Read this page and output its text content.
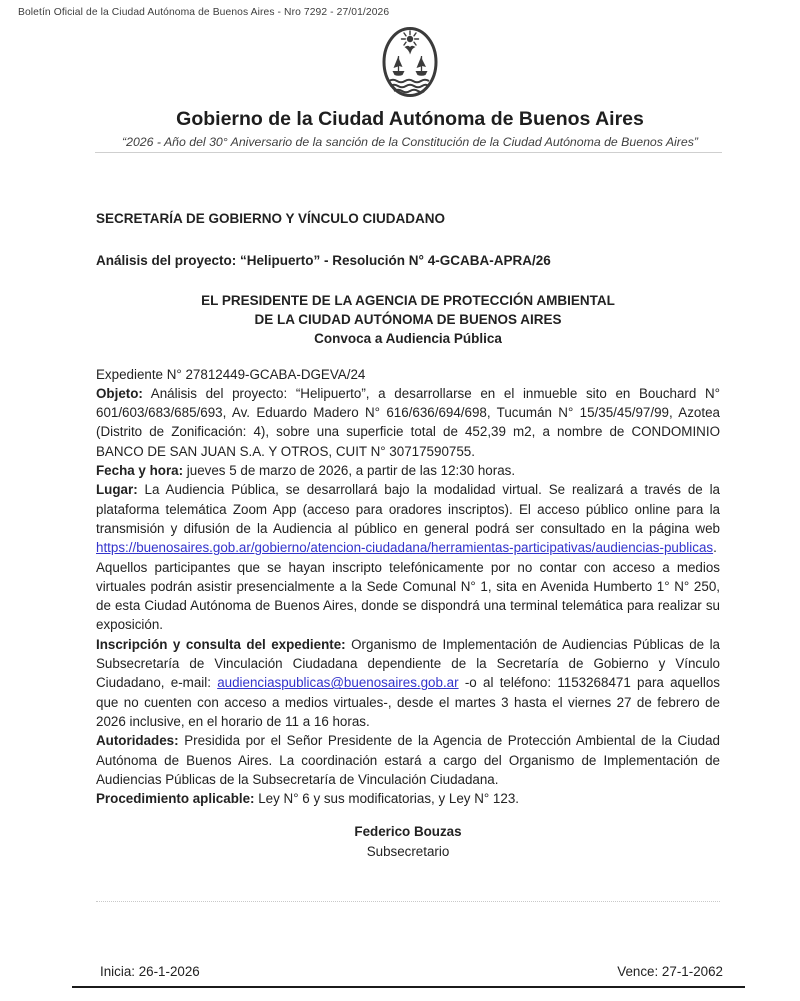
Boletín Oficial de la Ciudad Autónoma de Buenos Aires - Nro 7292 - 27/01/2026
Gobierno de la Ciudad Autónoma de Buenos Aires
“2026 - Año del 30° Aniversario de la sanción de la Constitución de la Ciudad Autónoma de Buenos Aires”
SECRETARÍA DE GOBIERNO Y VÍNCULO CIUDADANO
Análisis del proyecto: “Helipuerto” - Resolución N° 4-GCABA-APRA/26
EL PRESIDENTE DE LA AGENCIA DE PROTECCIÓN AMBIENTAL
DE LA CIUDAD AUTÓNOMA DE BUENOS AIRES
Convoca a Audiencia Pública

Expediente N° 27812449-GCABA-DGEVA/24

Objeto: Análisis del proyecto: “Helipuerto”, a desarrollarse en el inmueble sito en Bouchard N° 601/603/683/685/693, Av. Eduardo Madero N° 616/636/694/698, Tucumán N° 15/35/45/97/99, Azotea (Distrito de Zonificación: 4), sobre una superficie total de 452,39 m2, a nombre de CONDOMINIO BANCO DE SAN JUAN S.A. Y OTROS, CUIT N° 30717590755.

Fecha y hora: jueves 5 de marzo de 2026, a partir de las 12:30 horas.

Lugar: La Audiencia Pública, se desarrollará bajo la modalidad virtual. Se realizará a través de la plataforma telemática Zoom App (acceso para oradores inscriptos). El acceso público online para la transmisión y difusión de la Audiencia al público en general podrá ser consultado en la página web

https://buenosaires.gob.ar/gobierno/atencion-ciudadana/herramientas-participativas/audiencias-publicas.

Aquellos participantes que se hayan inscripto telefónicamente por no contar con acceso a medios virtuales podrán asistir presencialmente a la Sede Comunal N° 1, sita en Avenida Humberto 1° N° 250, de esta Ciudad Autónoma de Buenos Aires, donde se dispondrá una terminal telemática para realizar su exposición.

Inscripción y consulta del expediente: Organismo de Implementación de Audiencias Públicas de la Subsecretaría de Vinculación Ciudadana dependiente de la Secretaría de Gobierno y Vínculo Ciudadano, e-mail: audienciaspublicas@buenosaires.gob.ar -o al teléfono: 1153268471 para aquellos que no cuenten con acceso a medios virtuales-, desde el martes 3 hasta el viernes 27 de febrero de 2026 inclusive, en el horario de 11 a 16 horas.

Autoridades: Presidida por el Señor Presidente de la Agencia de Protección Ambiental de la Ciudad Autónoma de Buenos Aires. La coordinación estará a cargo del Organismo de Implementación de Audiencias Públicas de la Subsecretaría de Vinculación Ciudadana.

Procedimiento aplicable: Ley N° 6 y sus modificatorias, y Ley N° 123.

Federico Bouzas
Subsecretario
Inicia: 26-1-2026	Vence: 27-1-2062
